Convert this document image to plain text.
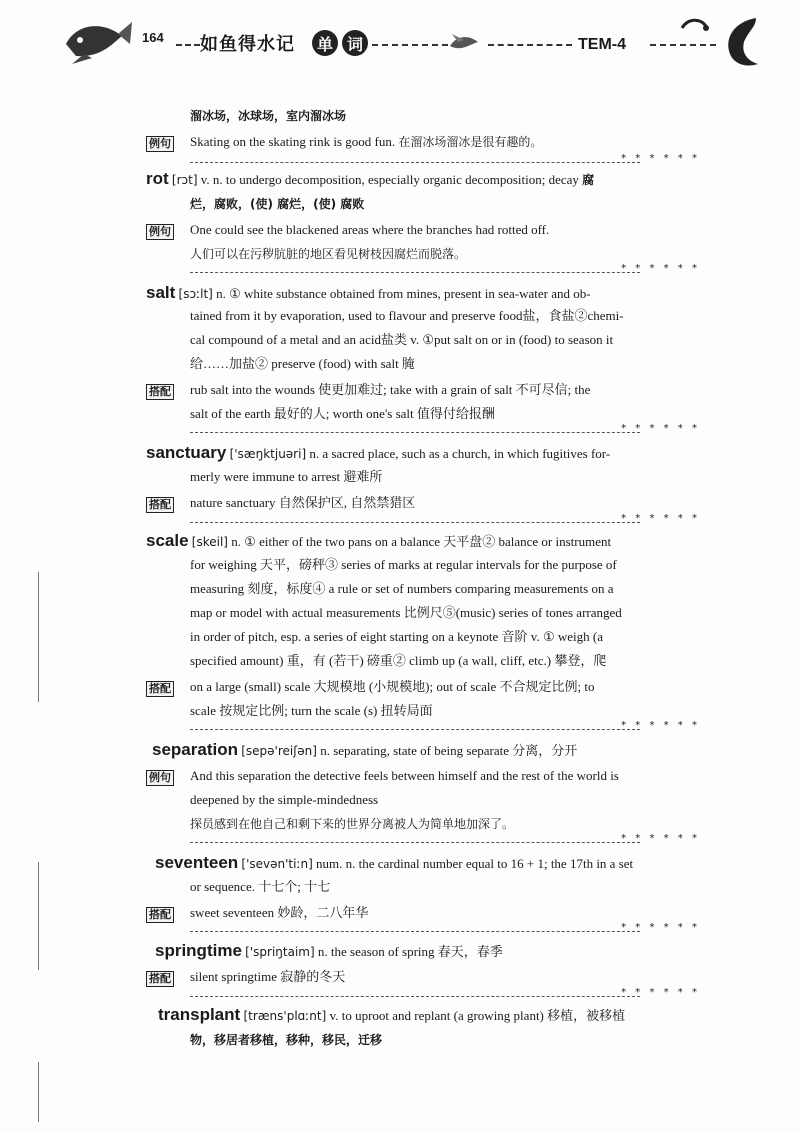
164 如鱼得水记	单 词	TEM-4
溜冰场，冰球场，室内溜冰场
例句 Skating on the skating rink is good fun. 在溜冰场溜冰是很有趣的。
* * * * * *
rot [rɔt] v. n. to undergo decomposition, especially organic decomposition; decay 腐
烂，腐败，(使) 腐烂，(使) 腐败
例句 One could see the blackened areas where the branches had rotted off.
人们可以在污秽肮脏的地区看见树枝因腐烂而脱落。
* * * * * *
salt [sɔːlt] n. ① white substance obtained from mines, present in sea-water and ob-
tained from it by evaporation, used to flavour and preserve food盐，食盐②chemi-
cal compound of a metal and an acid盐类 v. ①put salt on or in (food) to season it
给……加盐② preserve (food) with salt 腌
搭配 rub salt into the wounds 使更加难过; take with a grain of salt 不可尽信; the
salt of the earth 最好的人; worth one's salt 值得付给报酬
* * * * * *
sanctuary ['sæŋktjuəri] n. a sacred place, such as a church, in which fugitives for-
merly were immune to arrest 避难所
搭配 nature sanctuary 自然保护区, 自然禁猎区
* * * * * *
scale [skeil] n. ① either of the two pans on a balance 天平盘② balance or instrument
for weighing 天平，磅秤③ series of marks at regular intervals for the purpose of
measuring 刻度，标度④ a rule or set of numbers comparing measurements on a
map or model with actual measurements 比例尺⑤(music) series of tones arranged
in order of pitch, esp. a series of eight starting on a keynote 音阶 v. ① weigh (a
specified amount) 重，有 (若干) 磅重② climb up (a wall, cliff, etc.) 攀登，爬
搭配 on a large (small) scale 大规模地 (小规模地); out of scale 不合规定比例; to
scale 按规定比例; turn the scale (s) 扭转局面
* * * * * *
separation [sepə'reiʃən] n. separating, state of being separate 分离，分开
例句 And this separation the detective feels between himself and the rest of the world is
deepened by the simple-mindedness
探员感到在他自己和剩下来的世界分离被人为简单地加深了。
* * * * * *
seventeen ['sevən'tiːn] num. n. the cardinal number equal to 16 + 1; the 17th in a set
or sequence. 十七个; 十七
搭配 sweet seventeen 妙龄，二八年华
* * * * * *
springtime ['spriŋtaim] n. the season of spring 春天，春季
搭配 silent springtime 寂静的冬天
* * * * * *
transplant [træns'plɑːnt] v. to uproot and replant (a growing plant) 移植，被移植
物，移居者移植，移种，移民，迁移
